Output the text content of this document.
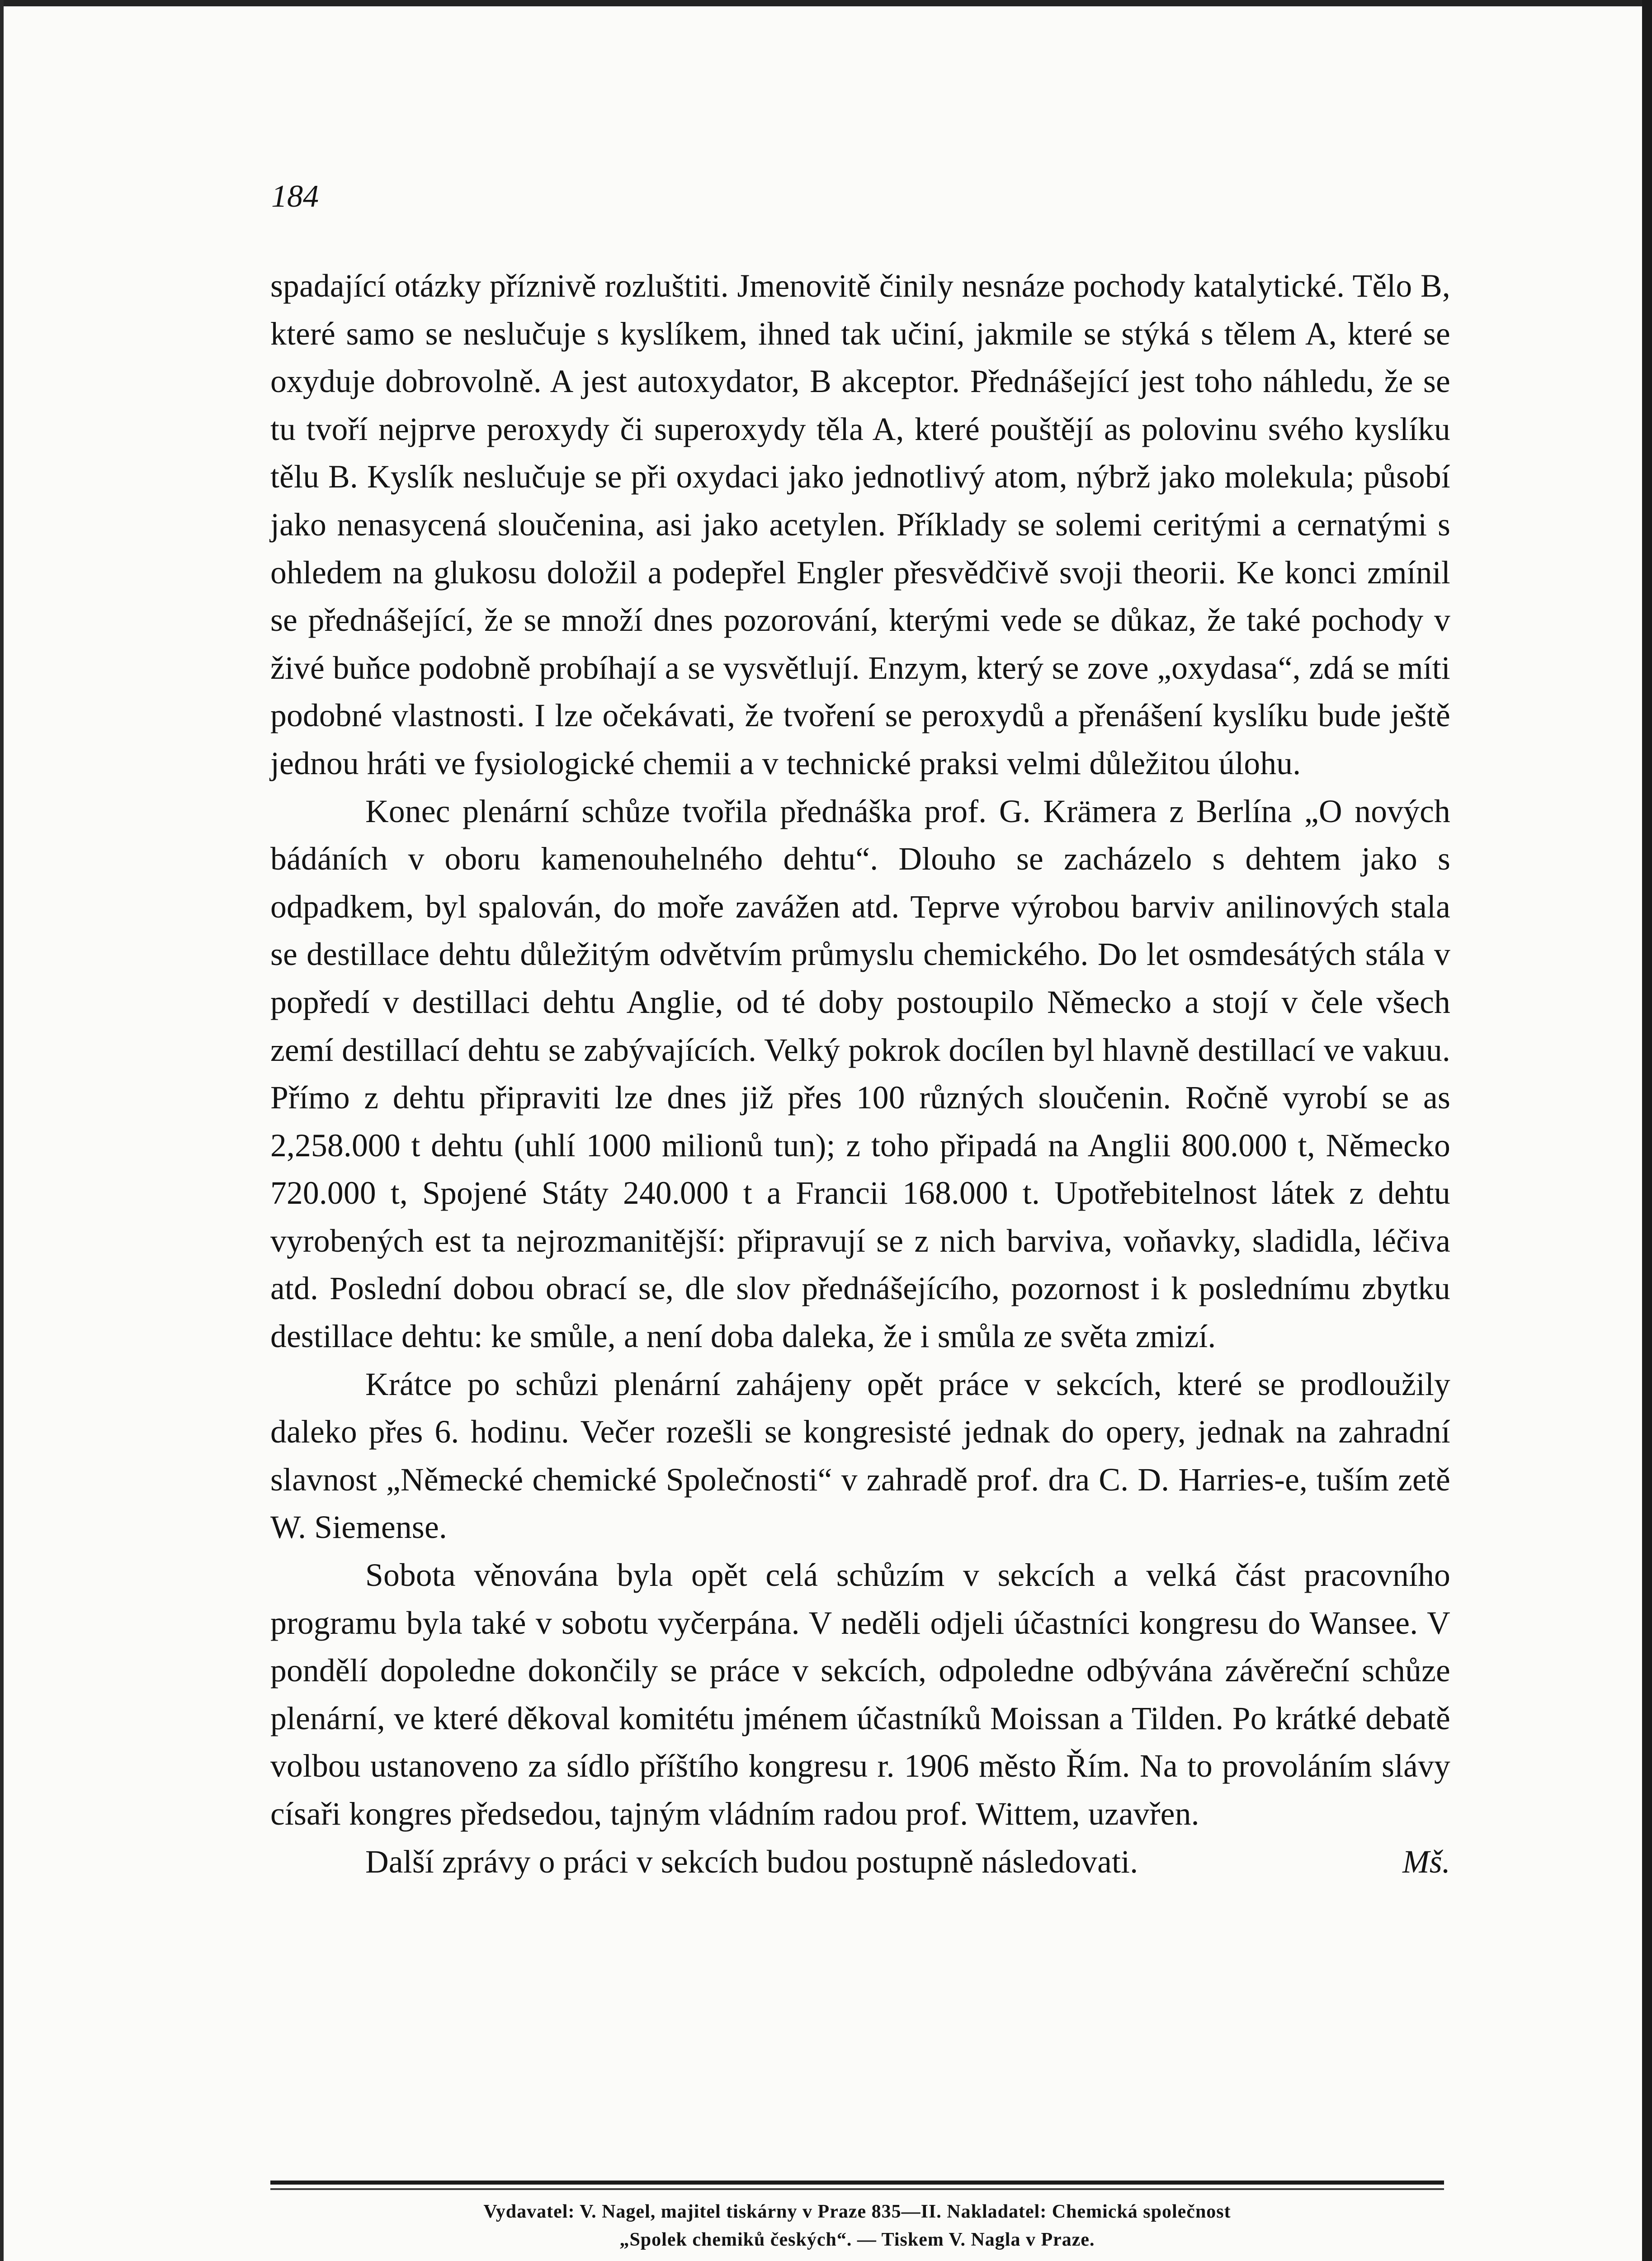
184

spadající otázky příznivě rozluštiti. Jmenovitě činily nesnáze pochody katalytické. Tělo B, které samo se neslučuje s kyslíkem, ihned tak učiní, jakmile se stýká s tělem A, které se oxyduje dobrovolně. A jest autoxydator, B akceptor. Přednášející jest toho náhledu, že se tu tvoří nejprve peroxydy či superoxydy těla A, které pouštějí as polovinu svého kyslíku tělu B. Kyslík neslučuje se při oxydaci jako jednotlivý atom, nýbrž jako molekula; působí jako nenasycená sloučenina, asi jako acetylen. Příklady se solemi ceritými a cernatými s ohledem na glukosu doložil a podepřel Engler přesvědčivě svoji theorii. Ke konci zmínil se přednášející, že se množí dnes pozorování, kterými vede se důkaz, že také pochody v živé buňce podobně probíhají a se vysvětlují. Enzym, který se zove „oxydasa“, zdá se míti podobné vlastnosti. I lze očekávati, že tvoření se peroxydů a přenášení kyslíku bude ještě jednou hráti ve fysiologické chemii a v technické praksi velmi důležitou úlohu.

Konec plenární schůze tvořila přednáška prof. G. Krämera z Berlína „O nových bádáních v oboru kamenouhelného dehtu“. Dlouho se zacházelo s dehtem jako s odpadkem, byl spalován, do moře zavážen atd. Teprve výrobou barviv anilinových stala se destillace dehtu důležitým odvětvím průmyslu chemického. Do let osmdesátých stála v popředí v destillaci dehtu Anglie, od té doby postoupilo Německo a stojí v čele všech zemí destillací dehtu se zabývajících. Velký pokrok docílen byl hlavně destillací ve vakuu. Přímo z dehtu připraviti lze dnes již přes 100 různých sloučenin. Ročně vyrobí se as 2,258.000 t dehtu (uhlí 1000 milionů tun); z toho připadá na Anglii 800.000 t, Německo 720.000 t, Spojené Státy 240.000 t a Francii 168.000 t. Upotřebitelnost látek z dehtu vyrobených est ta nejrozmanitější: připravují se z nich barviva, voňavky, sladidla, léčiva atd. Poslední dobou obrací se, dle slov přednášejícího, pozornost i k poslednímu zbytku destillace dehtu: ke smůle, a není doba daleka, že i smůla ze světa zmizí.

Krátce po schůzi plenární zahájeny opět práce v sekcích, které se prodloužily daleko přes 6. hodinu. Večer rozešli se kongresisté jednak do opery, jednak na zahradní slavnost „Německé chemické Společnosti“ v zahradě prof. dra C. D. Harries-e, tuším zetě W. Siemense.

Sobota věnována byla opět celá schůzím v sekcích a velká část pracovního programu byla také v sobotu vyčerpána. V neděli odjeli účastníci kongresu do Wansee. V pondělí dopoledne dokončily se práce v sekcích, odpoledne odbývána závěreční schůze plenární, ve které děkoval komitétu jménem účastníků Moissan a Tilden. Po krátké debatě volbou ustanoveno za sídlo příštího kongresu r. 1906 město Řím. Na to provoláním slávy císaři kongres předsedou, tajným vládním radou prof. Wittem, uzavřen.

Další zprávy o práci v sekcích budou postupně následovati.	Mš.

Vydavatel: V. Nagel, majitel tiskárny v Praze 835—II. Nakladatel: Chemická společnost
„Spolek chemiků českých“. — Tiskem V. Nagla v Praze.
